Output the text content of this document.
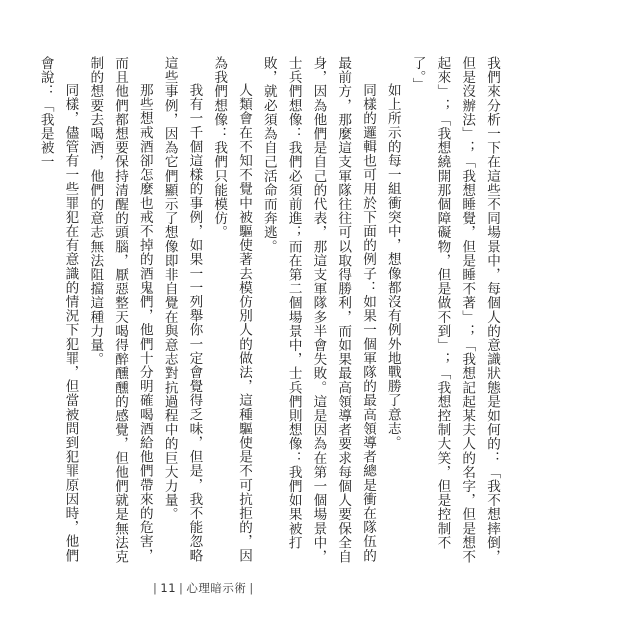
我們來分析一下在這些不同場景中，每個人的意識狀態是如何的：「我不想摔倒，但是沒辦法」；「我想睡覺，但是睡不著」；「我想記起某夫人的名字，但是想不起來」；「我想繞開那個障礙物，但是做不到」；「我想控制大笑，但是控制不了。」

如上所示的每一組衝突中，想像都沒有例外地戰勝了意志。

同樣的邏輯也可用於下面的例子：如果一個軍隊的最高領導者總是衝在隊伍的最前方，那麼這支軍隊往往可以取得勝利，而如果最高領導者要求每個人要保全自身，因為他們是自己的代表，那這支軍隊多半會失敗。這是因為在第一個場景中，士兵們想像：我們必須前進；而在第二個場景中，士兵們則想像：我們如果被打敗，就必須為自己活命而奔逃。

人類會在不知不覺中被驅使著去模仿別人的做法，這種驅使是不可抗拒的，因為我們想像：我們只能模仿。

我有一千個這樣的事例，如果一一列舉你一定會覺得乏味，但是，我不能忽略這些事例，因為它們顯示了想像即非自覺在與意志對抗過程中的巨大力量。

那些想戒酒卻怎麼也戒不掉的酒鬼們，他們十分明確喝酒給他們帶來的危害，而且他們都想要保持清醒的頭腦，厭惡整天喝得醉醺醺的感覺，但他們就是無法克制的想要去喝酒，他們的意志無法阻擋這種力量。

同樣，儘管有一些罪犯在有意識的情況下犯罪，但當被問到犯罪原因時，他們會說：「我是被一

| 11 | 心理暗示術 |
